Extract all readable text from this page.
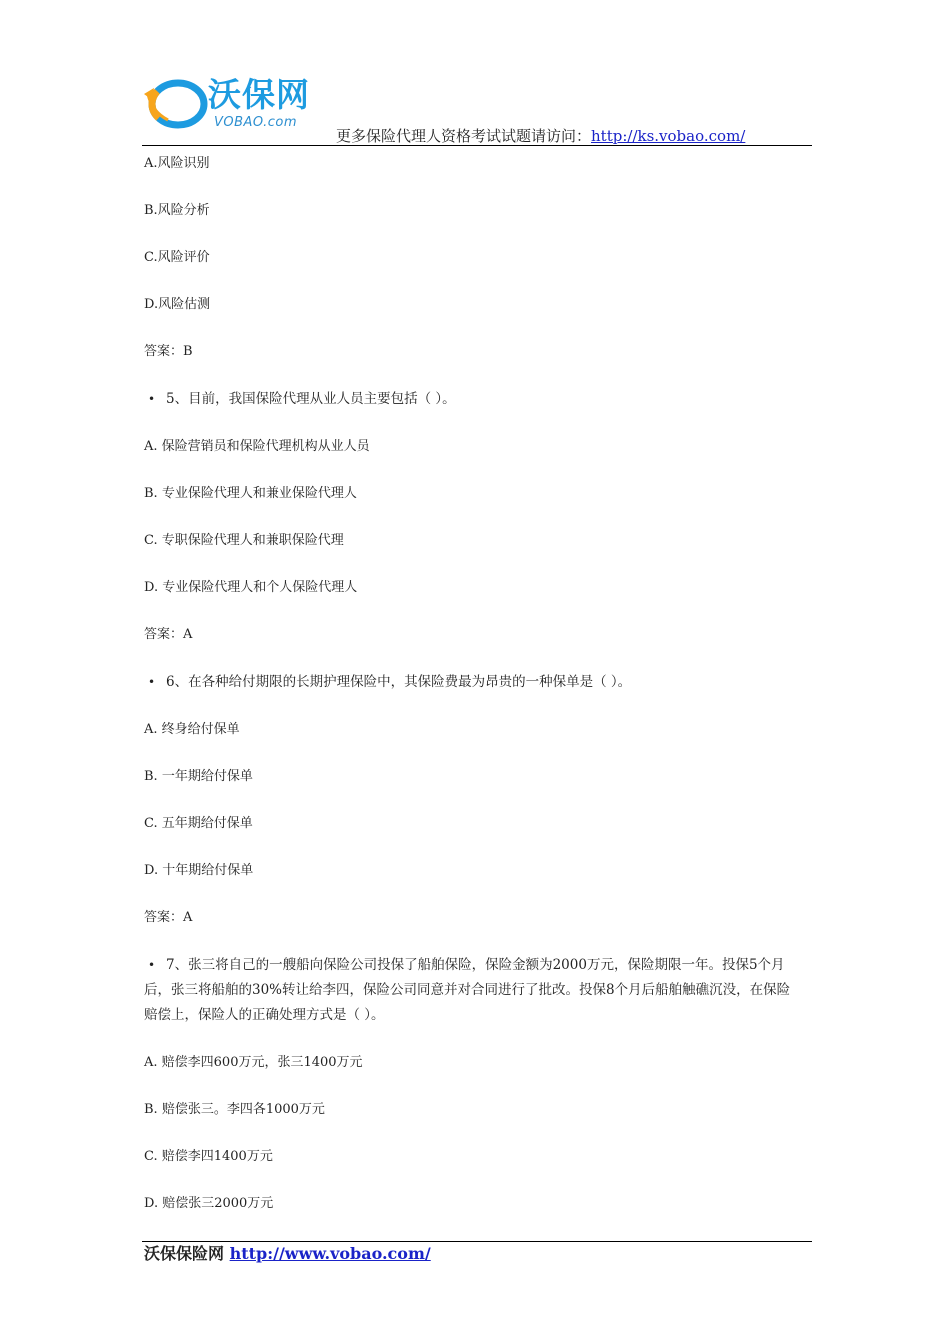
沃保网
VOBAO.com
更多保险代理人资格考试试题请访问：http://ks.vobao.com/

A.风险识别

B.风险分析

C.风险评价

D.风险估测

答案：B

• 5、目前，我国保险代理从业人员主要包括（ ）。

A. 保险营销员和保险代理机构从业人员

B. 专业保险代理人和兼业保险代理人

C. 专职保险代理人和兼职保险代理

D. 专业保险代理人和个人保险代理人

答案：A

• 6、在各种给付期限的长期护理保险中，其保险费最为昂贵的一种保单是（ ）。

A. 终身给付保单

B. 一年期给付保单

C. 五年期给付保单

D. 十年期给付保单

答案：A

• 7、张三将自己的一艘船向保险公司投保了船舶保险，保险金额为2000万元，保险期限一年。投保5个月
后，张三将船舶的30%转让给李四，保险公司同意并对合同进行了批改。投保8个月后船舶触礁沉没，在保险
赔偿上，保险人的正确处理方式是（ ）。

A. 赔偿李四600万元，张三1400万元

B. 赔偿张三。李四各1000万元

C. 赔偿李四1400万元

D. 赔偿张三2000万元

沃保保险网 http://www.vobao.com/
